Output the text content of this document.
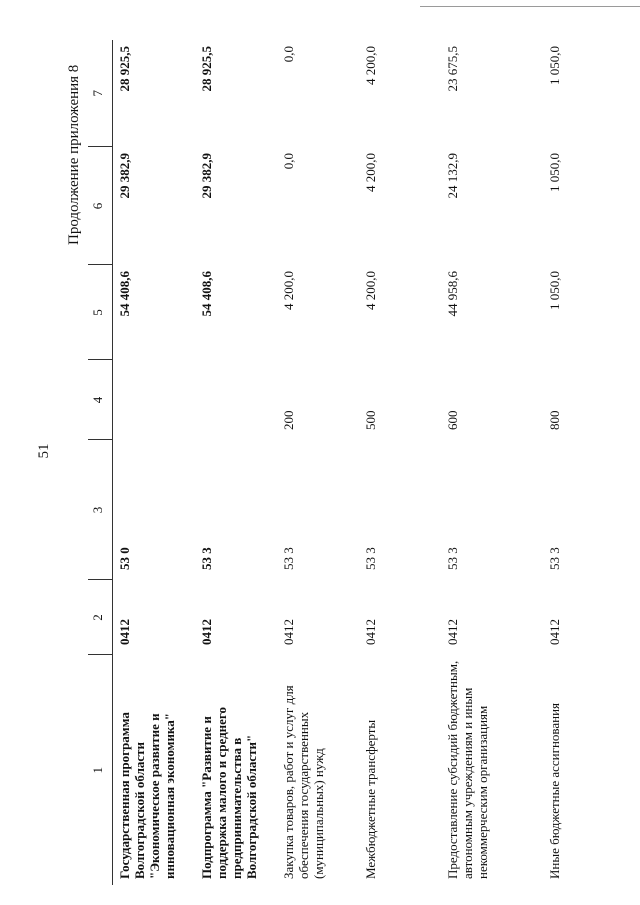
51
Продолжение приложения 8
1	2	3	4	5	6	7
Государственная программа Волгоградской области "Экономическое развитие и инновационная экономика"	0412	53 0		54 408,6	29 382,9	28 925,5
Подпрограмма "Развитие и поддержка малого и среднего предпринимательства в Волгоградской области"	0412	53 3		54 408,6	29 382,9	28 925,5
Закупка товаров, работ и услуг для обеспечения государственных (муниципальных) нужд	0412	53 3	200	4 200,0	0,0	0,0
Межбюджетные трансферты	0412	53 3	500	4 200,0	4 200,0	4 200,0
Предоставление субсидий бюджетным, автономным учреждениям и иным некоммерческим организациям	0412	53 3	600	44 958,6	24 132,9	23 675,5
Иные бюджетные ассигнования	0412	53 3	800	1 050,0	1 050,0	1 050,0
